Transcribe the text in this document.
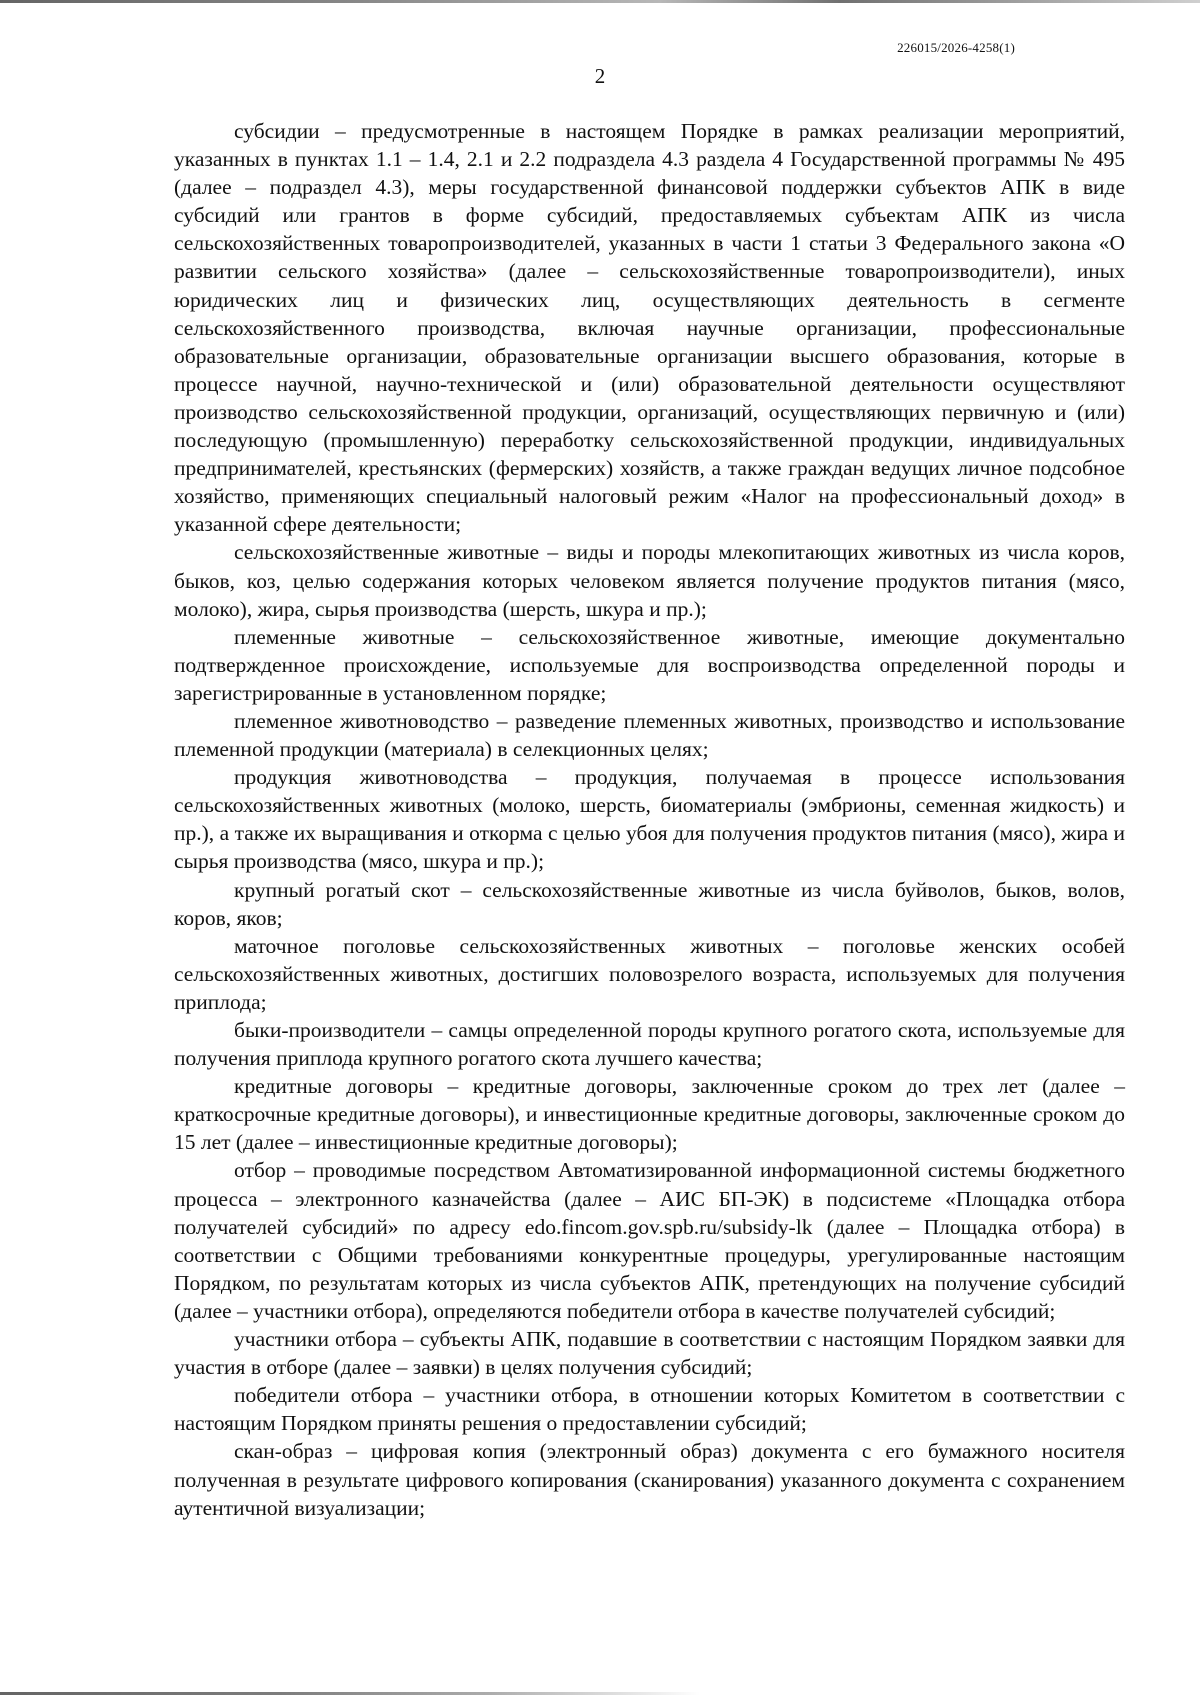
226015/2026-4258(1)
2

субсидии – предусмотренные в настоящем Порядке в рамках реализации мероприятий, указанных в пунктах 1.1 – 1.4, 2.1 и 2.2 подраздела 4.3 раздела 4 Государственной программы № 495 (далее – подраздел 4.3), меры государственной финансовой поддержки субъектов АПК в виде субсидий или грантов в форме субсидий, предоставляемых субъектам АПК из числа сельскохозяйственных товаропроизводителей, указанных в части 1 статьи 3 Федерального закона «О развитии сельского хозяйства» (далее – сельскохозяйственные товаропроизводители), иных юридических лиц и физических лиц, осуществляющих деятельность в сегменте сельскохозяйственного производства, включая научные организации, профессиональные образовательные организации, образовательные организации высшего образования, которые в процессе научной, научно-технической и (или) образовательной деятельности осуществляют производство сельскохозяйственной продукции, организаций, осуществляющих первичную и (или) последующую (промышленную) переработку сельскохозяйственной продукции, индивидуальных предпринимателей, крестьянских (фермерских) хозяйств, а также граждан ведущих личное подсобное хозяйство, применяющих специальный налоговый режим «Налог на профессиональный доход» в указанной сфере деятельности;

сельскохозяйственные животные – виды и породы млекопитающих животных из числа коров, быков, коз, целью содержания которых человеком является получение продуктов питания (мясо, молоко), жира, сырья производства (шерсть, шкура и пр.);

племенные животные – сельскохозяйственное животные, имеющие документально подтвержденное происхождение, используемые для воспроизводства определенной породы и зарегистрированные в установленном порядке;

племенное животноводство – разведение племенных животных, производство и использование племенной продукции (материала) в селекционных целях;

продукция животноводства – продукция, получаемая в процессе использования сельскохозяйственных животных (молоко, шерсть, биоматериалы (эмбрионы, семенная жидкость) и пр.), а также их выращивания и откорма с целью убоя для получения продуктов питания (мясо), жира и сырья производства (мясо, шкура и пр.);

крупный рогатый скот – сельскохозяйственные животные из числа буйволов, быков, волов, коров, яков;

маточное поголовье сельскохозяйственных животных – поголовье женских особей сельскохозяйственных животных, достигших половозрелого возраста, используемых для получения приплода;

быки-производители – самцы определенной породы крупного рогатого скота, используемые для получения приплода крупного рогатого скота лучшего качества;

кредитные договоры – кредитные договоры, заключенные сроком до трех лет (далее – краткосрочные кредитные договоры), и инвестиционные кредитные договоры, заключенные сроком до 15 лет (далее – инвестиционные кредитные договоры);

отбор – проводимые посредством Автоматизированной информационной системы бюджетного процесса – электронного казначейства (далее – АИС БП-ЭК) в подсистеме «Площадка отбора получателей субсидий» по адресу edo.fincom.gov.spb.ru/subsidy-lk (далее – Площадка отбора) в соответствии с Общими требованиями конкурентные процедуры, урегулированные настоящим Порядком, по результатам которых из числа субъектов АПК, претендующих на получение субсидий (далее – участники отбора), определяются победители отбора в качестве получателей субсидий;

участники отбора – субъекты АПК, подавшие в соответствии с настоящим Порядком заявки для участия в отборе (далее – заявки) в целях получения субсидий;

победители отбора – участники отбора, в отношении которых Комитетом в соответствии с настоящим Порядком приняты решения о предоставлении субсидий;

скан-образ – цифровая копия (электронный образ) документа с его бумажного носителя полученная в результате цифрового копирования (сканирования) указанного документа с сохранением аутентичной визуализации;
